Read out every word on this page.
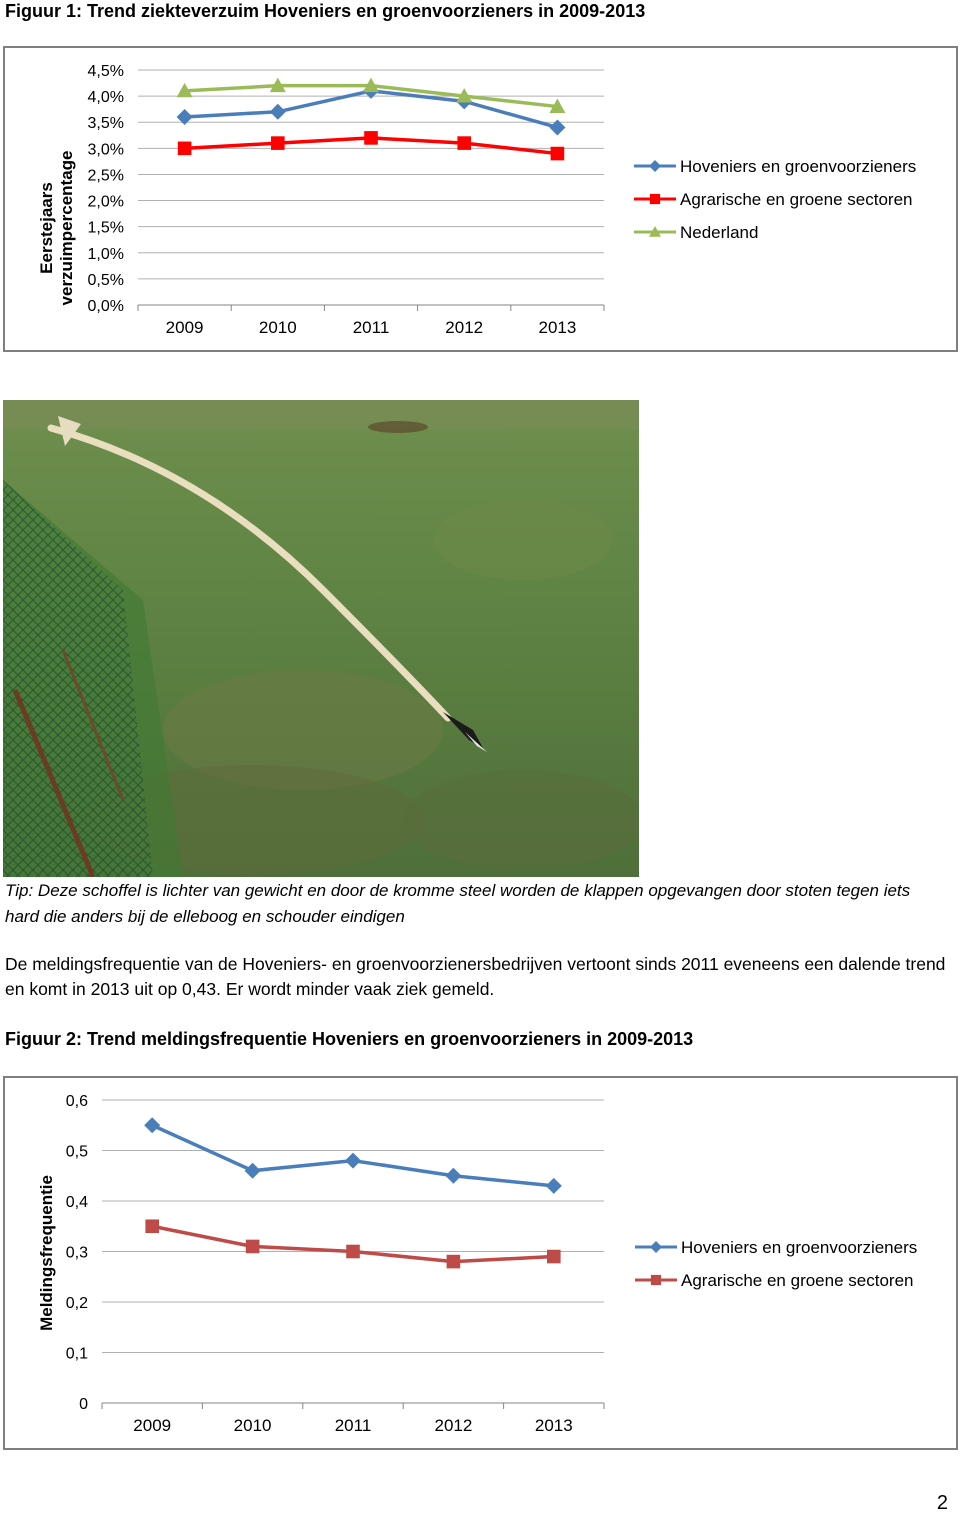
Figuur 1: Trend ziekteverzuim Hoveniers en groenvoorzieners in 2009-2013
0,0%
0,5%
1,0%
1,5%
2,0%
2,5%
3,0%
3,5%
4,0%
4,5%
2009	2010	2011	2012	2013
Hoveniers en groenvoorzieners
Agrarische en groene sectoren
Nederland
Eerstejaars verzuimpercentage
Tip: Deze schoffel is lichter van gewicht en door de kromme steel worden de klappen opgevangen door stoten tegen iets hard die anders bij de elleboog en schouder eindigen
De meldingsfrequentie van de Hoveniers- en groenvoorzienersbedrijven vertoont sinds 2011 eveneens een dalende trend en komt in 2013 uit op 0,43. Er wordt minder vaak ziek gemeld.
Figuur 2: Trend meldingsfrequentie Hoveniers en groenvoorzieners in 2009-2013
0
0,1
0,2
0,3
0,4
0,5
0,6
2009	2010	2011	2012	2013
Hoveniers en groenvoorzieners
Agrarische en groene sectoren
Meldingsfrequentie
2
